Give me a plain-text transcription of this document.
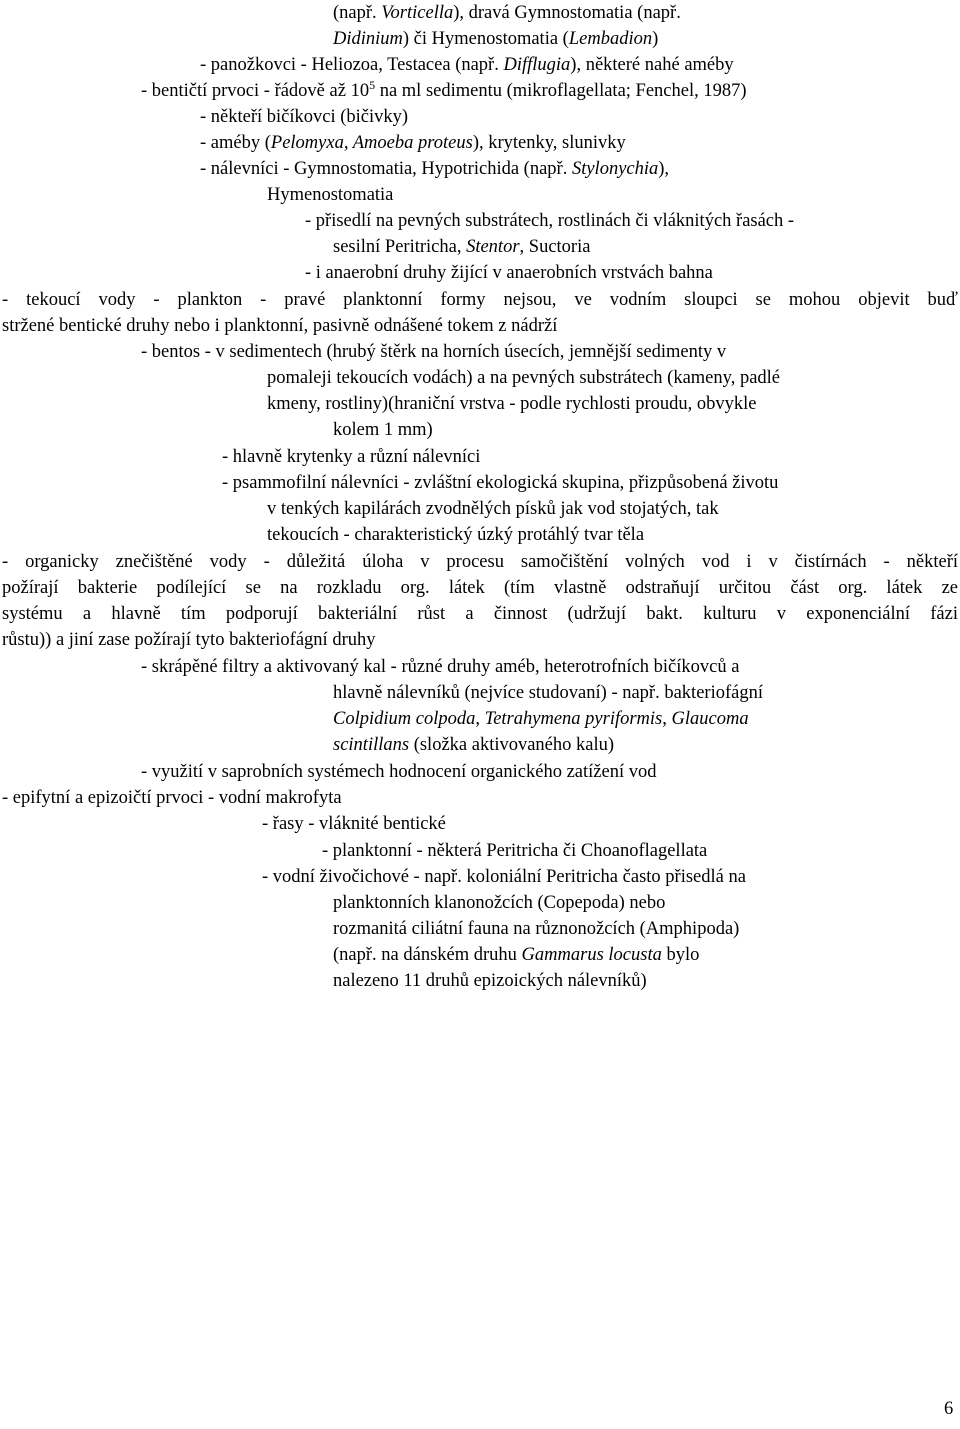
(např. Vorticella), dravá Gymnostomatia (např.
Didinium) či Hymenostomatia (Lembadion)
- panožkovci - Heliozoa, Testacea (např. Difflugia), některé nahé améby
- bentičtí prvoci - řádově až $10^5$ na ml sedimentu (mikroflagellata; Fenchel, 1987)
- někteří bičíkovci (bičivky)
- améby (Pelomyxa, Amoeba proteus), krytenky, slunivky
- nálevníci - Gymnostomatia, Hypotrichida (např. Stylonychia),
Hymenostomatia
- přisedlí na pevných substrátech, rostlinách či vláknitých řasách -
sesilní Peritricha, Stentor, Suctoria
- i anaerobní druhy žijící v anaerobních vrstvách bahna
- tekoucí vody - plankton - pravé planktonní formy nejsou, ve vodním sloupci se mohou objevit buď
stržené bentické druhy nebo i planktonní, pasivně odnášené tokem z nádrží
- bentos - v sedimentech (hrubý štěrk na horních úsecích, jemnější sedimenty v
pomaleji tekoucích vodách) a na pevných substrátech (kameny, padlé
kmeny, rostliny)(hraniční vrstva - podle rychlosti proudu, obvykle
kolem 1 mm)
- hlavně krytenky a různí nálevníci
- psammofilní nálevníci - zvláštní ekologická skupina, přizpůsobená životu
v tenkých kapilárách zvodnělých písků jak vod stojatých, tak
tekoucích - charakteristický úzký protáhlý tvar těla
- organicky znečištěné vody - důležitá úloha v procesu samočištění volných vod i v čistírnách - někteří
požírají bakterie podílející se na rozkladu org. látek (tím vlastně odstraňují určitou část org. látek ze
systému a hlavně tím podporují bakteriální růst a činnost (udržují bakt. kulturu v exponenciální fázi
růstu)) a jiní zase požírají tyto bakteriofágní druhy
- skrápěné filtry a aktivovaný kal - různé druhy améb, heterotrofních bičíkovců a
hlavně nálevníků (nejvíce studovaní) - např. bakteriofágní
Colpidium colpoda, Tetrahymena pyriformis, Glaucoma
scintillans (složka aktivovaného kalu)
- využití v saprobních systémech hodnocení organického zatížení vod
- epifytní a epizoičtí prvoci - vodní makrofyta
- řasy - vláknité bentické
- planktonní - některá Peritricha či Choanoflagellata
- vodní živočichové - např. koloniální Peritricha často přisedlá na
planktonních klanonožcích (Copepoda) nebo
rozmanitá ciliátní fauna na různonožcích (Amphipoda)
(např. na dánském druhu Gammarus locusta bylo
nalezeno 11 druhů epizoických nálevníků)
6
